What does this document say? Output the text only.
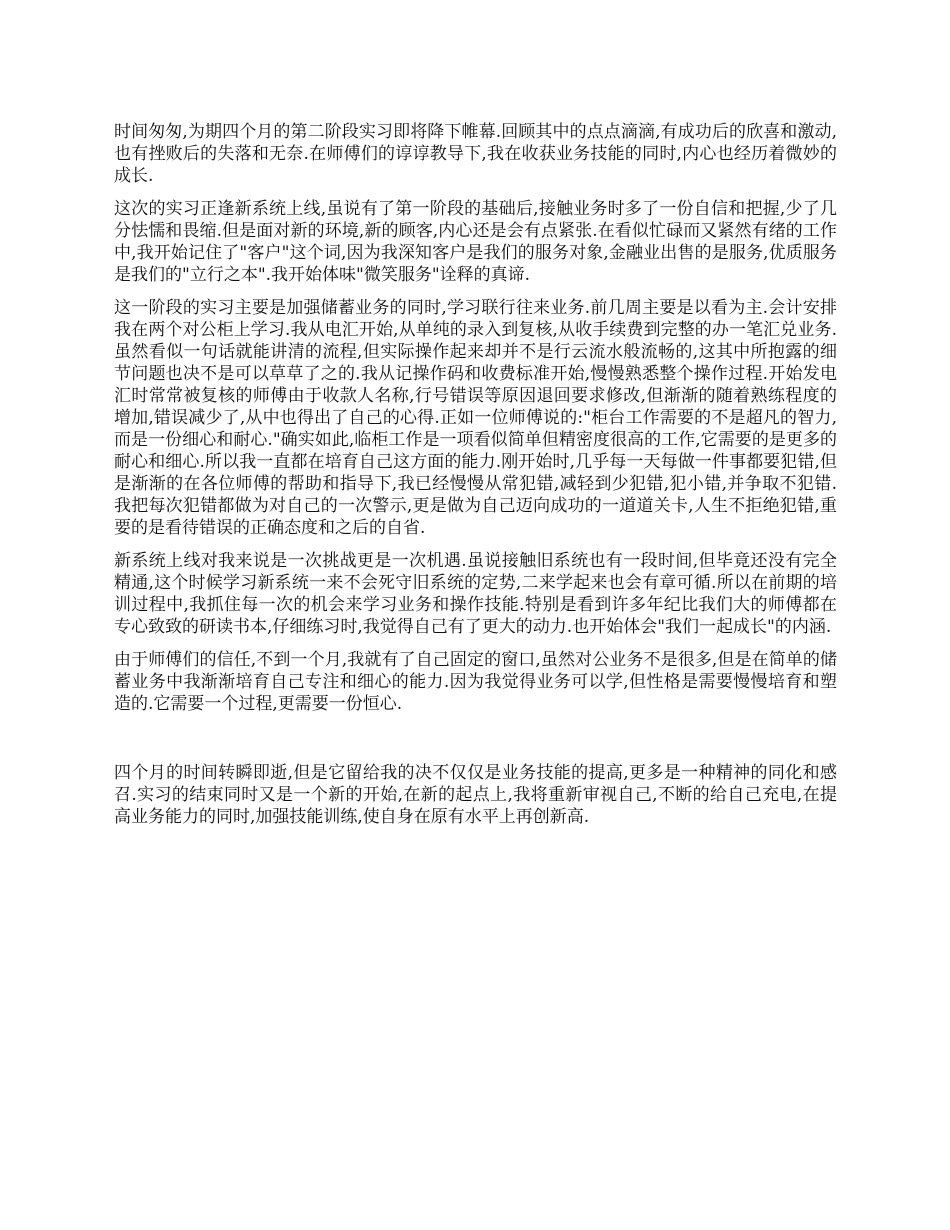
时间匆匆,为期四个月的第二阶段实习即将降下帷幕.回顾其中的点点滴滴,有成功后的欣喜和激动,也有挫败后的失落和无奈.在师傅们的谆谆教导下,我在收获业务技能的同时,内心也经历着微妙的成长.

这次的实习正逢新系统上线,虽说有了第一阶段的基础后,接触业务时多了一份自信和把握,少了几分怯懦和畏缩.但是面对新的环境,新的顾客,内心还是会有点紧张.在看似忙碌而又紧然有绪的工作中,我开始记住了"客户"这个词,因为我深知客户是我们的服务对象,金融业出售的是服务,优质服务是我们的"立行之本".我开始体味"微笑服务"诠释的真谛.

这一阶段的实习主要是加强储蓄业务的同时,学习联行往来业务.前几周主要是以看为主.会计安排我在两个对公柜上学习.我从电汇开始,从单纯的录入到复核,从收手续费到完整的办一笔汇兑业务.虽然看似一句话就能讲清的流程,但实际操作起来却并不是行云流水般流畅的,这其中所抱露的细节问题也决不是可以草草了之的.我从记操作码和收费标准开始,慢慢熟悉整个操作过程.开始发电汇时常常被复核的师傅由于收款人名称,行号错误等原因退回要求修改,但渐渐的随着熟练程度的增加,错误减少了,从中也得出了自己的心得.正如一位师傅说的:"柜台工作需要的不是超凡的智力,而是一份细心和耐心."确实如此,临柜工作是一项看似简单但精密度很高的工作,它需要的是更多的耐心和细心.所以我一直都在培育自己这方面的能力.刚开始时,几乎每一天每做一件事都要犯错,但是渐渐的在各位师傅的帮助和指导下,我已经慢慢从常犯错,减轻到少犯错,犯小错,并争取不犯错.我把每次犯错都做为对自己的一次警示,更是做为自己迈向成功的一道道关卡,人生不拒绝犯错,重要的是看待错误的正确态度和之后的自省.

新系统上线对我来说是一次挑战更是一次机遇.虽说接触旧系统也有一段时间,但毕竟还没有完全精通,这个时候学习新系统一来不会死守旧系统的定势,二来学起来也会有章可循.所以在前期的培训过程中,我抓住每一次的机会来学习业务和操作技能.特别是看到许多年纪比我们大的师傅都在专心致致的研读书本,仔细练习时,我觉得自己有了更大的动力.也开始体会"我们一起成长"的内涵.

由于师傅们的信任,不到一个月,我就有了自己固定的窗口,虽然对公业务不是很多,但是在简单的储蓄业务中我渐渐培育自己专注和细心的能力.因为我觉得业务可以学,但性格是需要慢慢培育和塑造的.它需要一个过程,更需要一份恒心.

四个月的时间转瞬即逝,但是它留给我的决不仅仅是业务技能的提高,更多是一种精神的同化和感召.实习的结束同时又是一个新的开始,在新的起点上,我将重新审视自己,不断的给自己充电,在提高业务能力的同时,加强技能训练,使自身在原有水平上再创新高.
